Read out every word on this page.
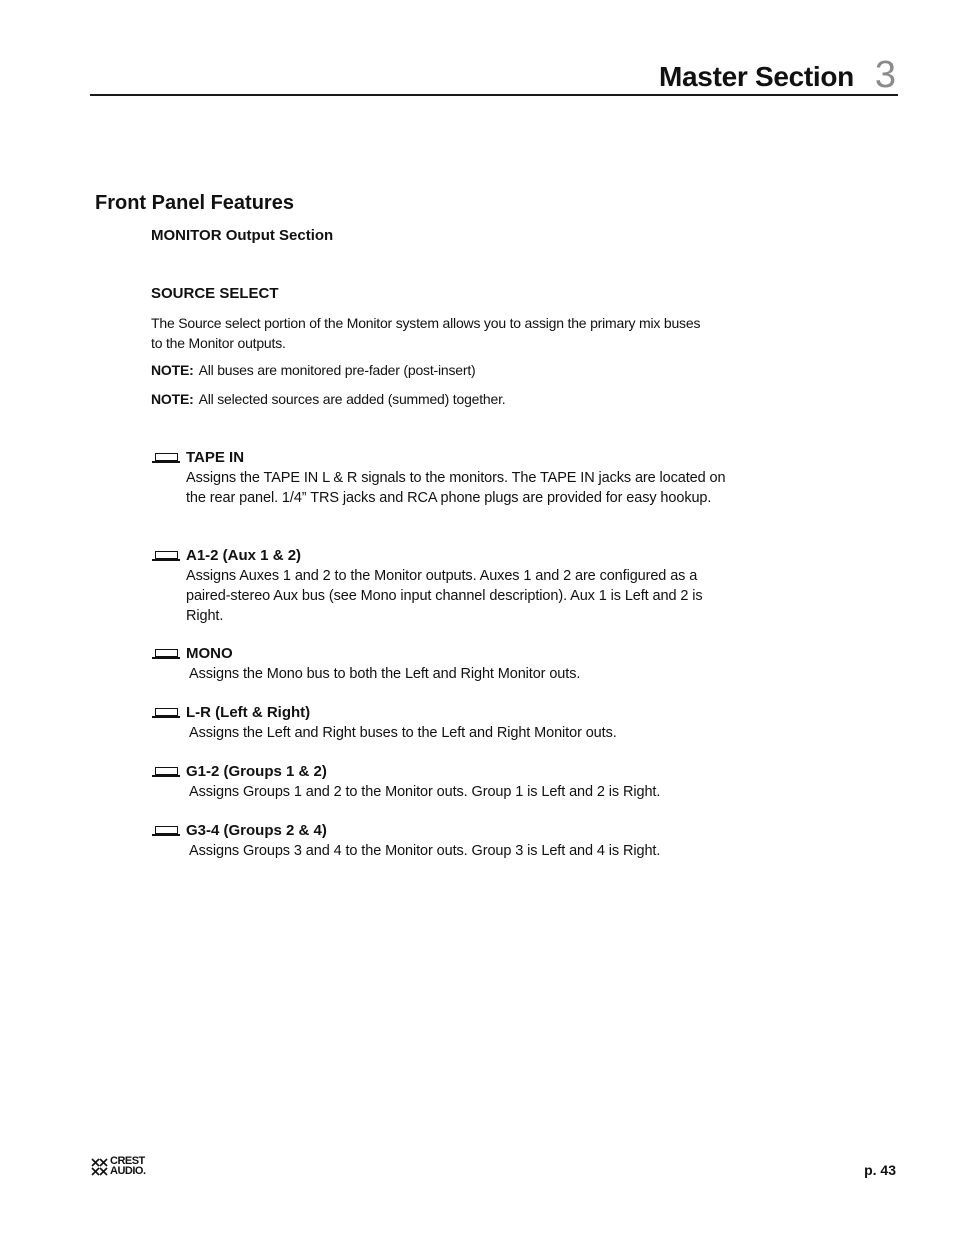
Master Section 3
Front Panel Features
MONITOR Output Section
SOURCE SELECT
The Source select portion of the Monitor system allows you to assign the primary mix buses to the Monitor outputs.
NOTE: All buses are monitored pre-fader (post-insert)
NOTE: All selected sources are added (summed) together.
TAPE IN
Assigns the TAPE IN L & R signals to the monitors. The TAPE IN jacks are located on the rear panel. 1/4” TRS jacks and RCA phone plugs are provided for easy hookup.
A1-2 (Aux 1 & 2)
Assigns Auxes 1 and 2 to the Monitor outputs. Auxes 1 and 2 are configured as a paired-stereo Aux bus (see Mono input channel description). Aux 1 is Left and 2 is Right.
MONO
Assigns the Mono bus to both the Left and Right Monitor outs.
L-R (Left & Right)
Assigns the Left and Right buses to the Left and Right Monitor outs.
G1-2 (Groups 1 & 2)
Assigns Groups 1 and 2 to the Monitor outs. Group 1 is Left and 2 is Right.
G3-4 (Groups 2 & 4)
Assigns Groups 3 and 4 to the Monitor outs. Group 3 is Left and 4 is Right.
CREST
AUDIO.	p. 43
